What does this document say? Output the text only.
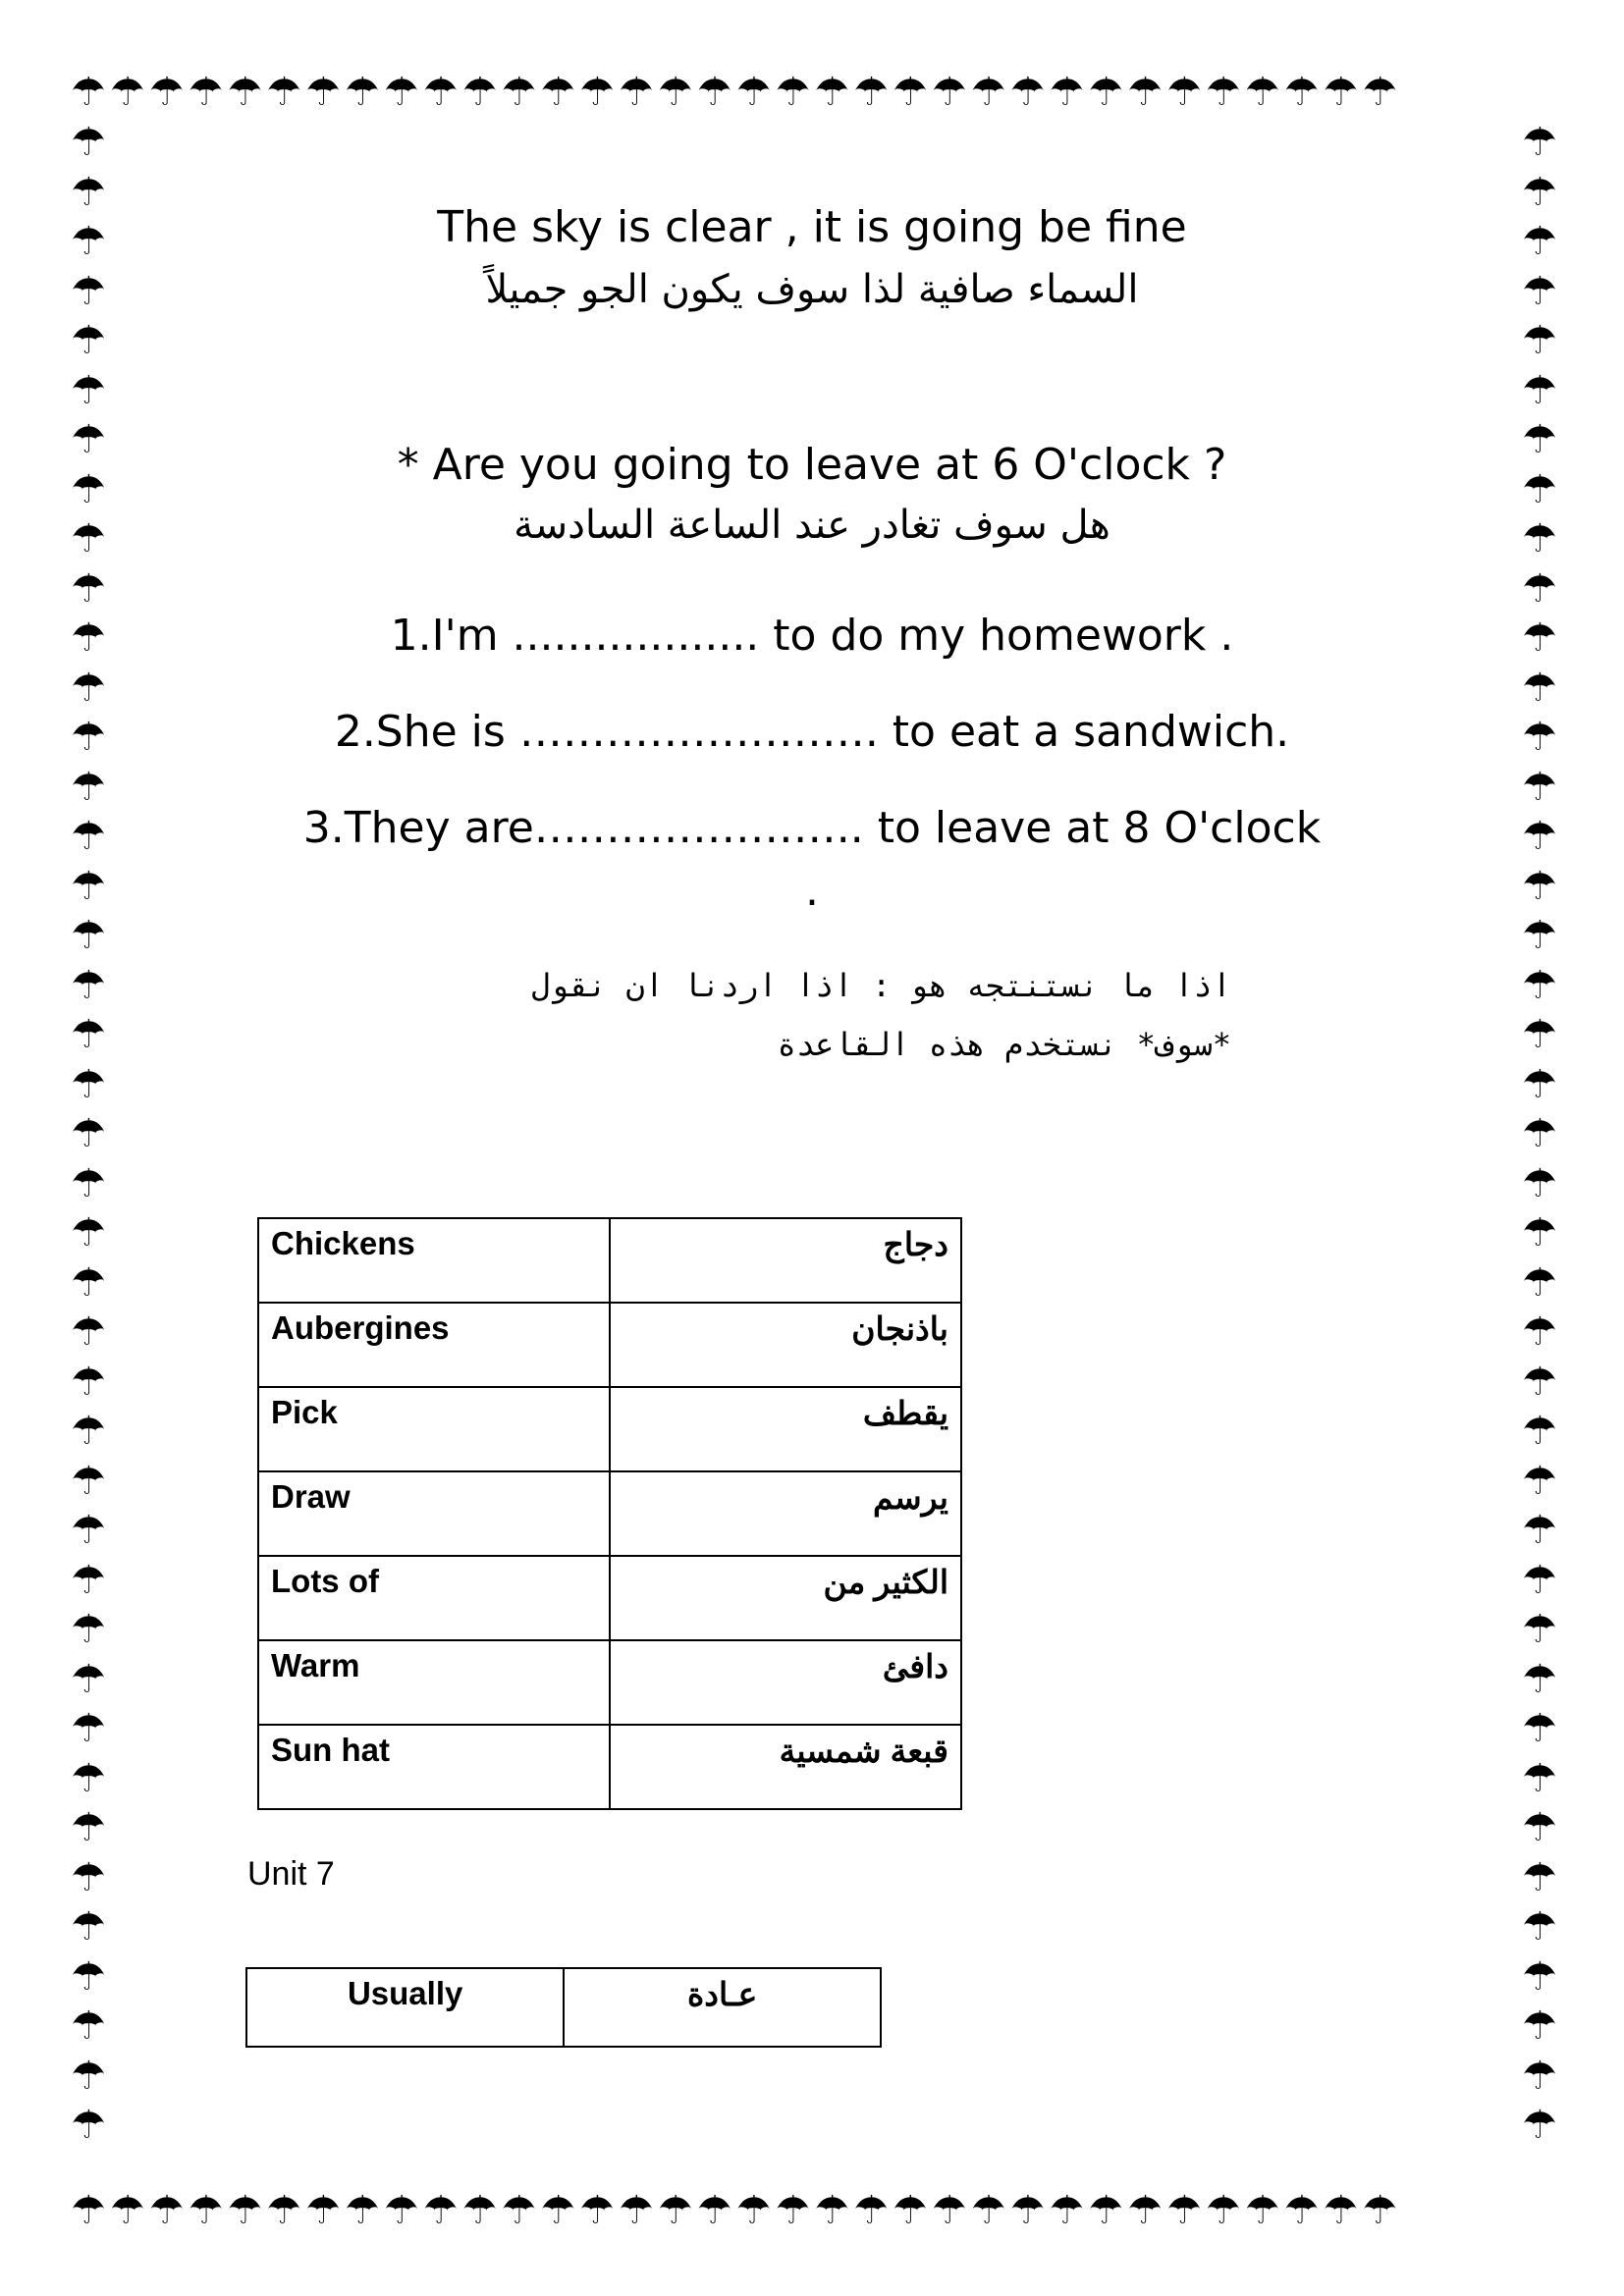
☂☂☂☂☂☂☂☂☂☂☂☂☂☂☂☂☂☂☂☂☂☂☂☂☂☂☂☂☂☂☂☂☂☂
☂☂☂☂☂☂☂☂☂☂☂☂☂☂☂☂☂☂☂☂☂☂☂☂☂☂☂☂☂☂☂☂☂☂
☂
☂
☂
☂
☂
☂
☂
☂
☂
☂
☂
☂
☂
☂
☂
☂
☂
☂
☂
☂
☂
☂
☂
☂
☂
☂
☂
☂
☂
☂
☂
☂
☂
☂
☂
☂
☂
☂
☂
☂
☂
☂
☂
☂
☂
☂
☂
☂
☂
☂
☂
☂
☂
☂
☂
☂
☂
☂
☂
☂
☂
☂
☂
☂
☂
☂
☂
☂
☂
☂
☂
☂
☂
☂
☂
☂
☂
☂
☂
☂
☂
☂
The sky is clear , it is going be fine
السماء صافية لذا سوف يكون الجو جميلاً
* Are you going to leave at 6 O'clock ?
هل سوف تغادر عند الساعة السادسة
1.I'm .................. to do my homework .
2.She is ……………………. to eat a sandwich.
3.They are………………….. to leave at 8 O'clock
.
اذا ما نستنتجه هو : اذا اردنا ان نقول
*سوف* نستخدم هذه القاعدة
Chickens	دجاج
Aubergines	باذنجان
Pick	يقطف
Draw	يرسم
Lots of	الكثير من
Warm	دافئ
Sun hat	قبعة شمسية
Unit 7
Usually	عـادة
